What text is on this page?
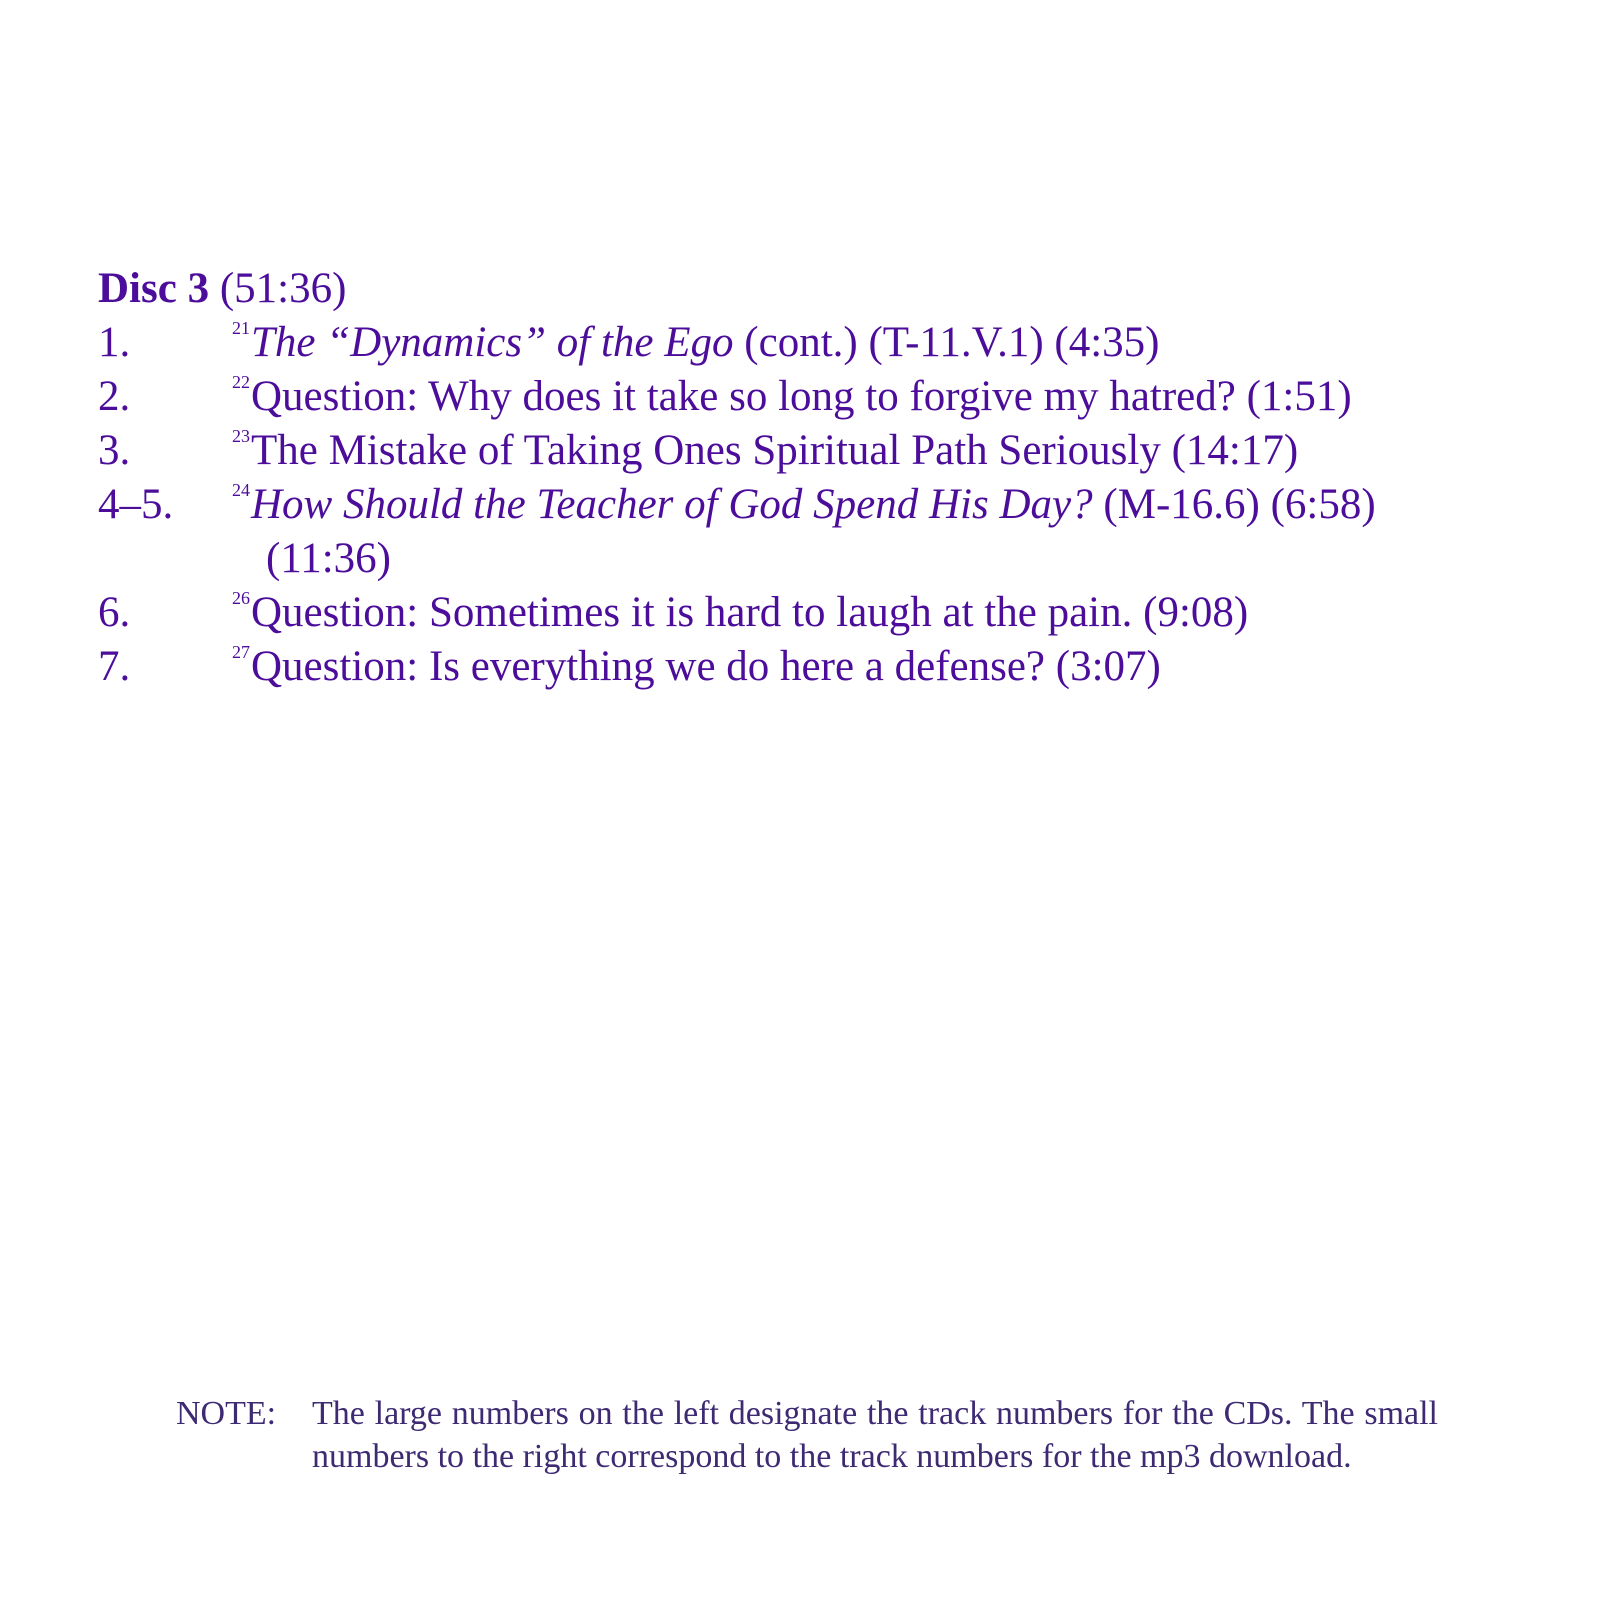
Disc 3 (51:36)
1.	$^{21}$The “Dynamics” of the Ego (cont.) (T-11.V.1) (4:35)
2.	$^{22}$Question: Why does it take so long to forgive my hatred? (1:51)
3.	$^{23}$The Mistake of Taking Ones Spiritual Path Seriously (14:17)
4–5.	$^{24}$How Should the Teacher of God Spend His Day? (M-16.6) (6:58)
(11:36)
6.	$^{26}$Question: Sometimes it is hard to laugh at the pain. (9:08)
7.	$^{27}$Question: Is everything we do here a defense? (3:07)
NOTE: The large numbers on the left designate the track numbers for the CDs. The small numbers to the right correspond to the track numbers for the mp3 download.
